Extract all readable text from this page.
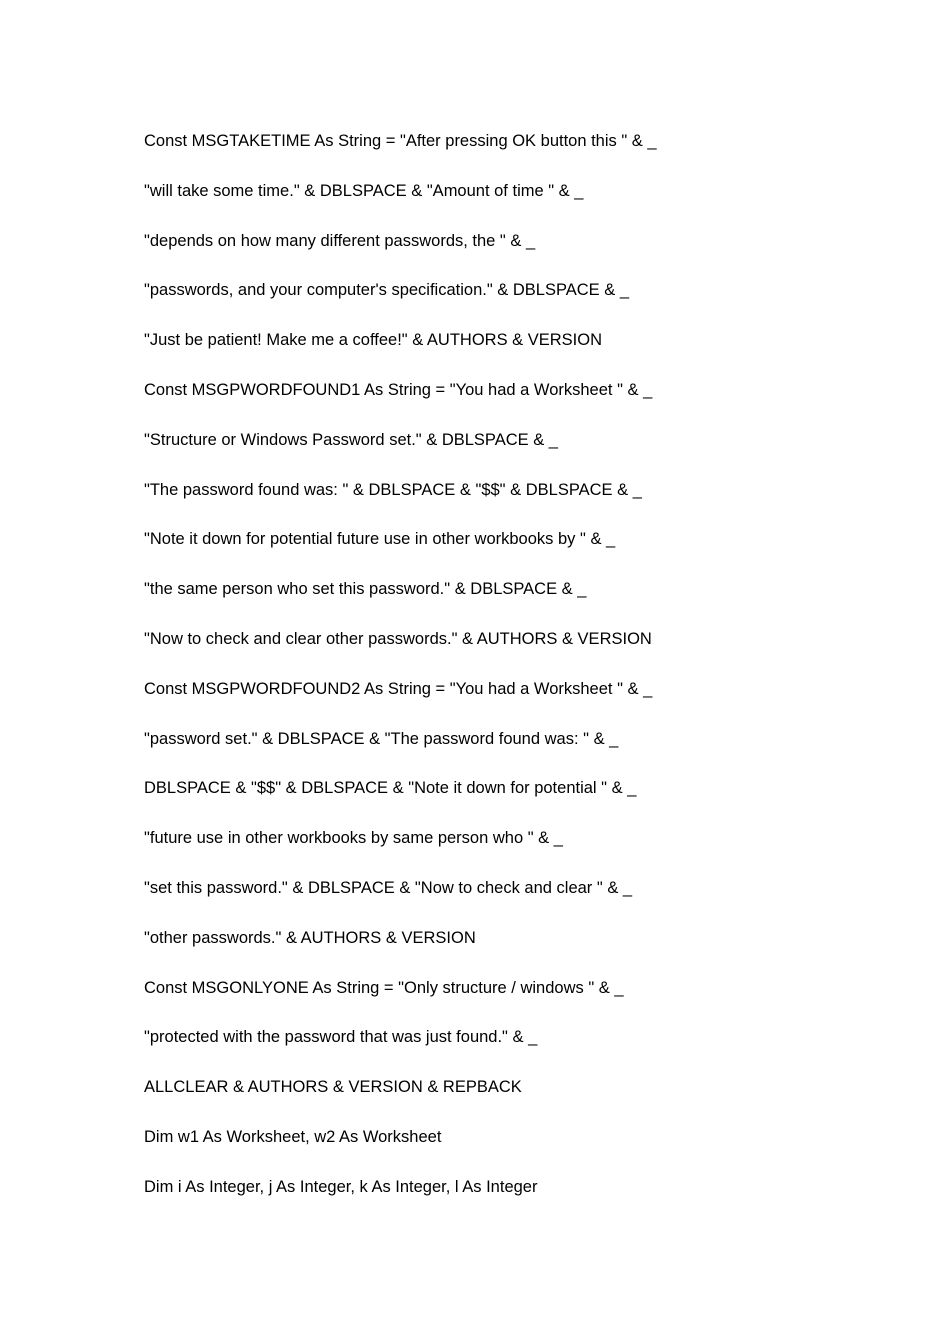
Const MSGTAKETIME As String = "After pressing OK button this " & _
"will take some time." & DBLSPACE & "Amount of time " & _
"depends on how many different passwords, the " & _
"passwords, and your computer's specification." & DBLSPACE & _
"Just be patient! Make me a coffee!" & AUTHORS & VERSION
Const MSGPWORDFOUND1 As String = "You had a Worksheet " & _
"Structure or Windows Password set." & DBLSPACE & _
"The password found was: " & DBLSPACE & "$$" & DBLSPACE & _
"Note it down for potential future use in other workbooks by " & _
"the same person who set this password." & DBLSPACE & _
"Now to check and clear other passwords." & AUTHORS & VERSION
Const MSGPWORDFOUND2 As String = "You had a Worksheet " & _
"password set." & DBLSPACE & "The password found was: " & _
DBLSPACE & "$$" & DBLSPACE & "Note it down for potential " & _
"future use in other workbooks by same person who " & _
"set this password." & DBLSPACE & "Now to check and clear " & _
"other passwords." & AUTHORS & VERSION
Const MSGONLYONE As String = "Only structure / windows " & _
"protected with the password that was just found." & _
ALLCLEAR & AUTHORS & VERSION & REPBACK
Dim w1 As Worksheet, w2 As Worksheet
Dim i As Integer, j As Integer, k As Integer, l As Integer
